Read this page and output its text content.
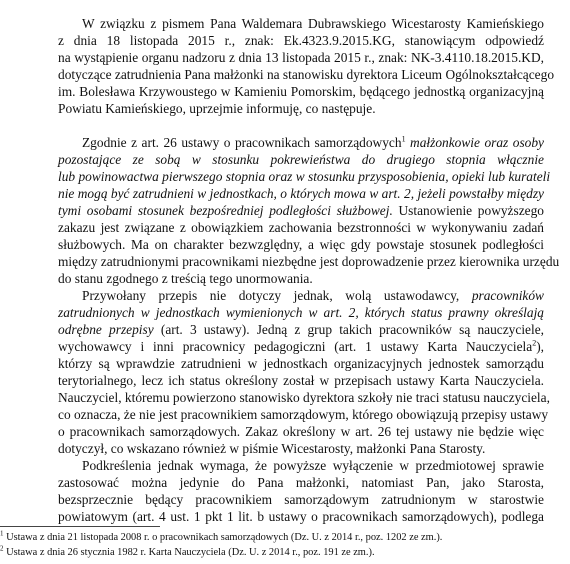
W związku z pismem Pana Waldemara Dubrawskiego Wicestarosty Kamieńskiego
z dnia 18 listopada 2015 r., znak: Ek.4323.9.2015.KG, stanowiącym odpowiedź
na wystąpienie organu nadzoru z dnia 13 listopada 2015 r., znak: NK-3.4110.18.2015.KD,
dotyczące zatrudnienia Pana małżonki na stanowisku dyrektora Liceum Ogólnokształcącego
im. Bolesława Krzywoustego w Kamieniu Pomorskim, będącego jednostką organizacyjną
Powiatu Kamieńskiego, uprzejmie informuję, co następuje.
Zgodnie z art. 26 ustawy o pracownikach samorządowych$^1$ małżonkowie oraz osoby
pozostające ze sobą w stosunku pokrewieństwa do drugiego stopnia włącznie
lub powinowactwa pierwszego stopnia oraz w stosunku przysposobienia, opieki lub kurateli
nie mogą być zatrudnieni w jednostkach, o których mowa w art. 2, jeżeli powstałby między
tymi osobami stosunek bezpośredniej podległości służbowej. Ustanowienie powyższego
zakazu jest związane z obowiązkiem zachowania bezstronności w wykonywaniu zadań
służbowych. Ma on charakter bezwzględny, a więc gdy powstaje stosunek podległości
między zatrudnionymi pracownikami niezbędne jest doprowadzenie przez kierownika urzędu
do stanu zgodnego z treścią tego unormowania.
Przywołany przepis nie dotyczy jednak, wolą ustawodawcy, pracowników
zatrudnionych w jednostkach wymienionych w art. 2, których status prawny określają
odrębne przepisy (art. 3 ustawy). Jedną z grup takich pracowników są nauczyciele,
wychowawcy i inni pracownicy pedagogiczni (art. 1 ustawy Karta Nauczyciela$^2$),
którzy są wprawdzie zatrudnieni w jednostkach organizacyjnych jednostek samorządu
terytorialnego, lecz ich status określony został w przepisach ustawy Karta Nauczyciela.
Nauczyciel, któremu powierzono stanowisko dyrektora szkoły nie traci statusu nauczyciela,
co oznacza, że nie jest pracownikiem samorządowym, którego obowiązują przepisy ustawy
o pracownikach samorządowych. Zakaz określony w art. 26 tej ustawy nie będzie więc
dotyczył, co wskazano również w piśmie Wicestarosty, małżonki Pana Starosty.
Podkreślenia jednak wymaga, że powyższe wyłączenie w przedmiotowej sprawie
zastosować można jedynie do Pana małżonki, natomiast Pan, jako Starosta,
bezsprzecznie będący pracownikiem samorządowym zatrudnionym w starostwie
powiatowym (art. 4 ust. 1 pkt 1 lit. b ustawy o pracownikach samorządowych), podlega
$^1$ Ustawa z dnia 21 listopada 2008 r. o pracownikach samorządowych (Dz. U. z 2014 r., poz. 1202 ze zm.).
$^2$ Ustawa z dnia 26 stycznia 1982 r. Karta Nauczyciela (Dz. U. z 2014 r., poz. 191 ze zm.).
